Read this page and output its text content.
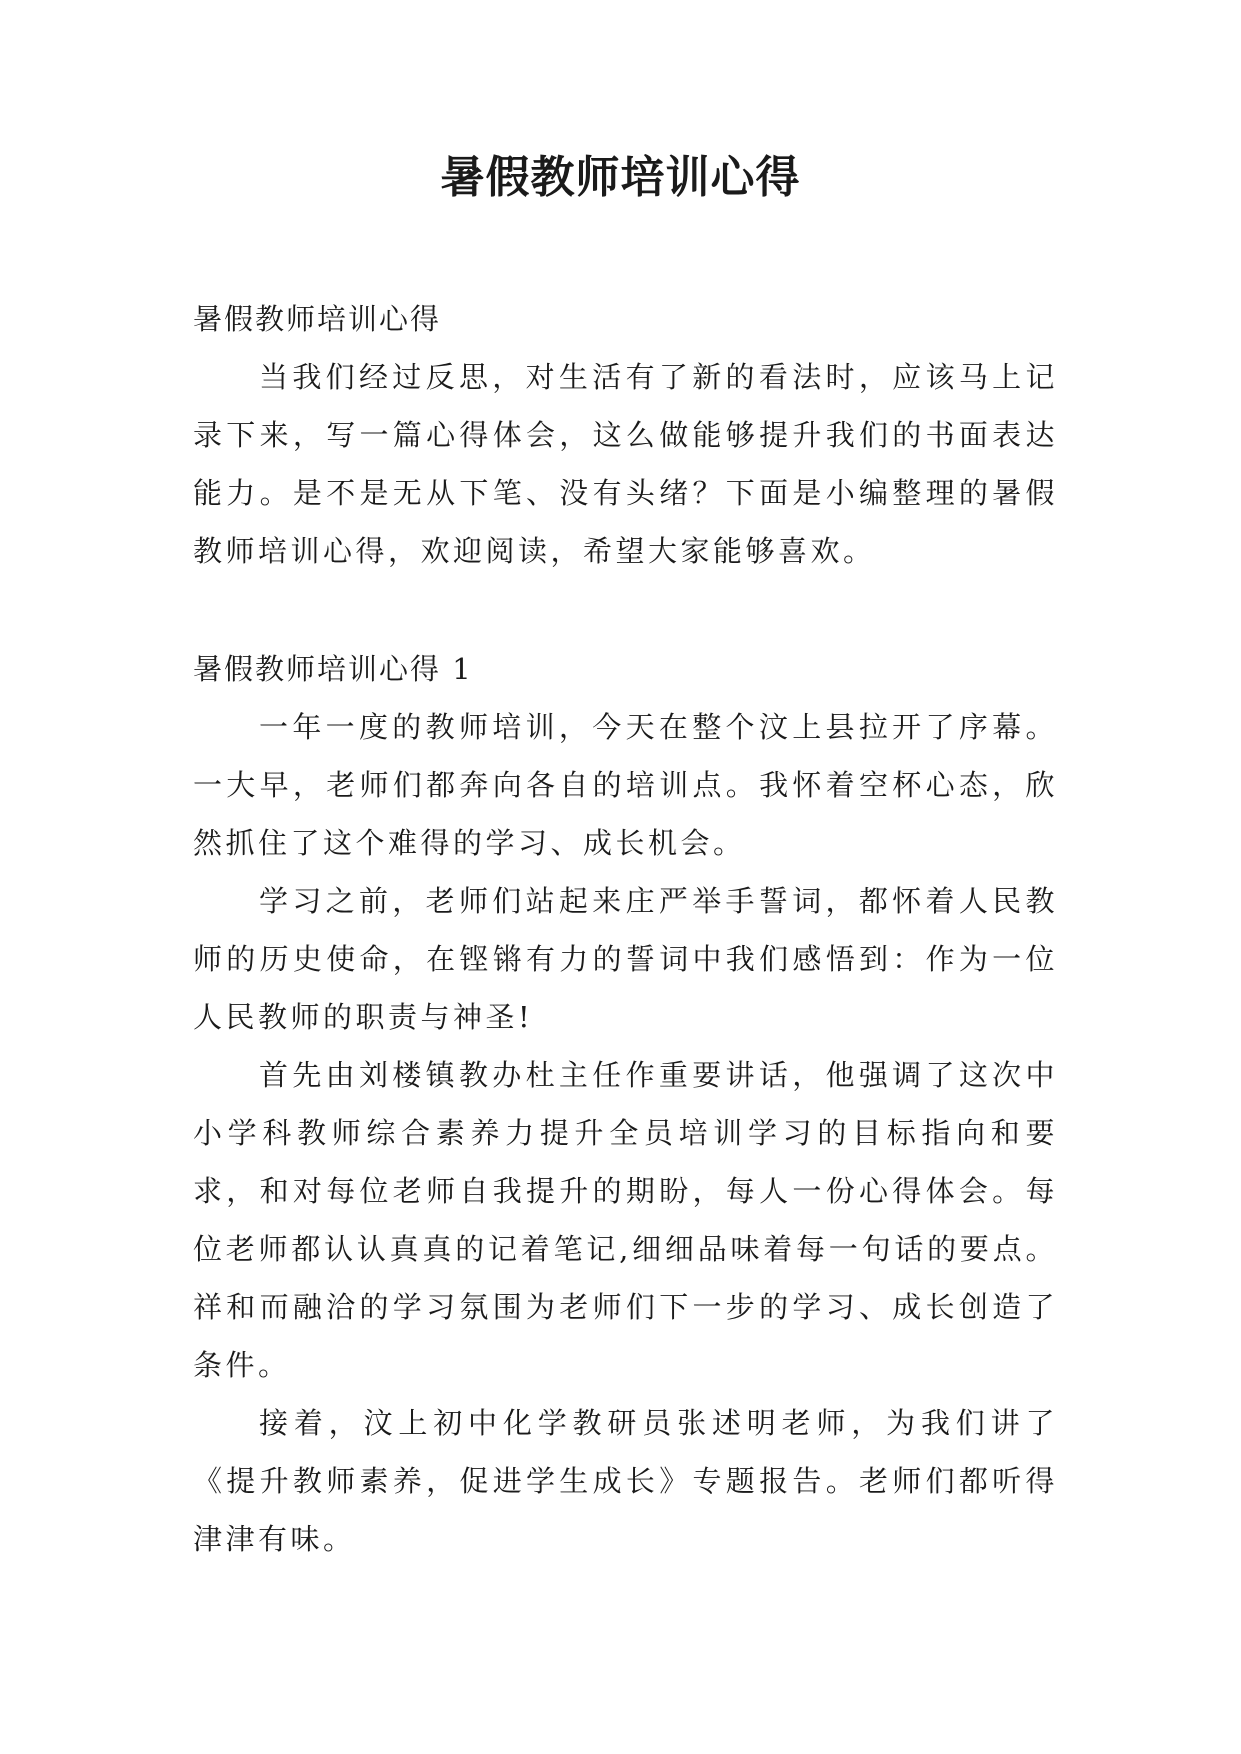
暑假教师培训心得

暑假教师培训心得

当我们经过反思，对生活有了新的看法时，应该马上记录下来，写一篇心得体会，这么做能够提升我们的书面表达能力。是不是无从下笔、没有头绪？下面是小编整理的暑假教师培训心得，欢迎阅读，希望大家能够喜欢。

暑假教师培训心得 1

一年一度的教师培训，今天在整个汶上县拉开了序幕。一大早，老师们都奔向各自的培训点。我怀着空杯心态，欣然抓住了这个难得的学习、成长机会。

学习之前，老师们站起来庄严举手誓词，都怀着人民教师的历史使命，在铿锵有力的誓词中我们感悟到：作为一位人民教师的职责与神圣!

首先由刘楼镇教办杜主任作重要讲话，他强调了这次中小学科教师综合素养力提升全员培训学习的目标指向和要求，和对每位老师自我提升的期盼，每人一份心得体会。每位老师都认认真真的记着笔记,细细品味着每一句话的要点。祥和而融洽的学习氛围为老师们下一步的学习、成长创造了条件。

接着，汶上初中化学教研员张述明老师，为我们讲了《提升教师素养，促进学生成长》专题报告。老师们都听得津津有味。
